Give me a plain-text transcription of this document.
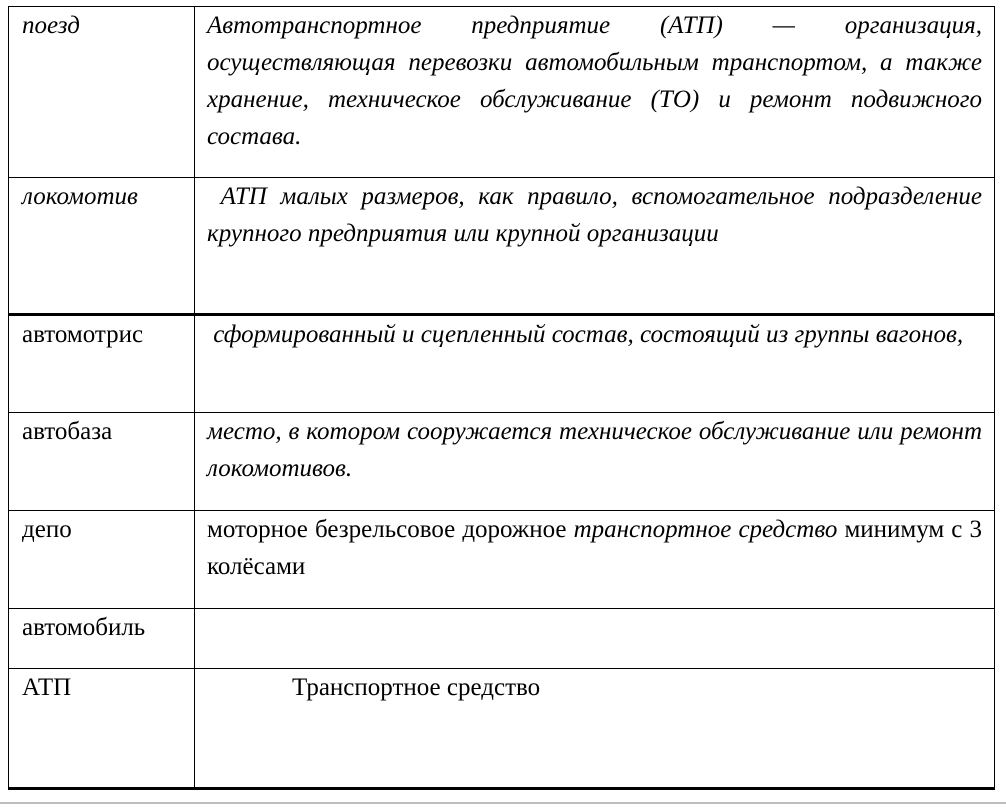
поезд	Автотранспортное предприятие (АТП) — организация, осуществляющая перевозки автомобильным транспортом, а также хранение, техническое обслуживание (ТО) и ремонт подвижного состава.
локомотив	АТП малых размеров, как правило, вспомогательное подразделение крупного предприятия или крупной организации
автомотрис	сформированный и сцепленный состав, состоящий из группы вагонов,
автобаза	место, в котором сооружается техническое обслуживание или ремонт локомотивов.
депо	моторное безрельсовое дорожное транспортное средство минимум с 3 колёсами
автомобиль	
АТП	Транспортное средство
